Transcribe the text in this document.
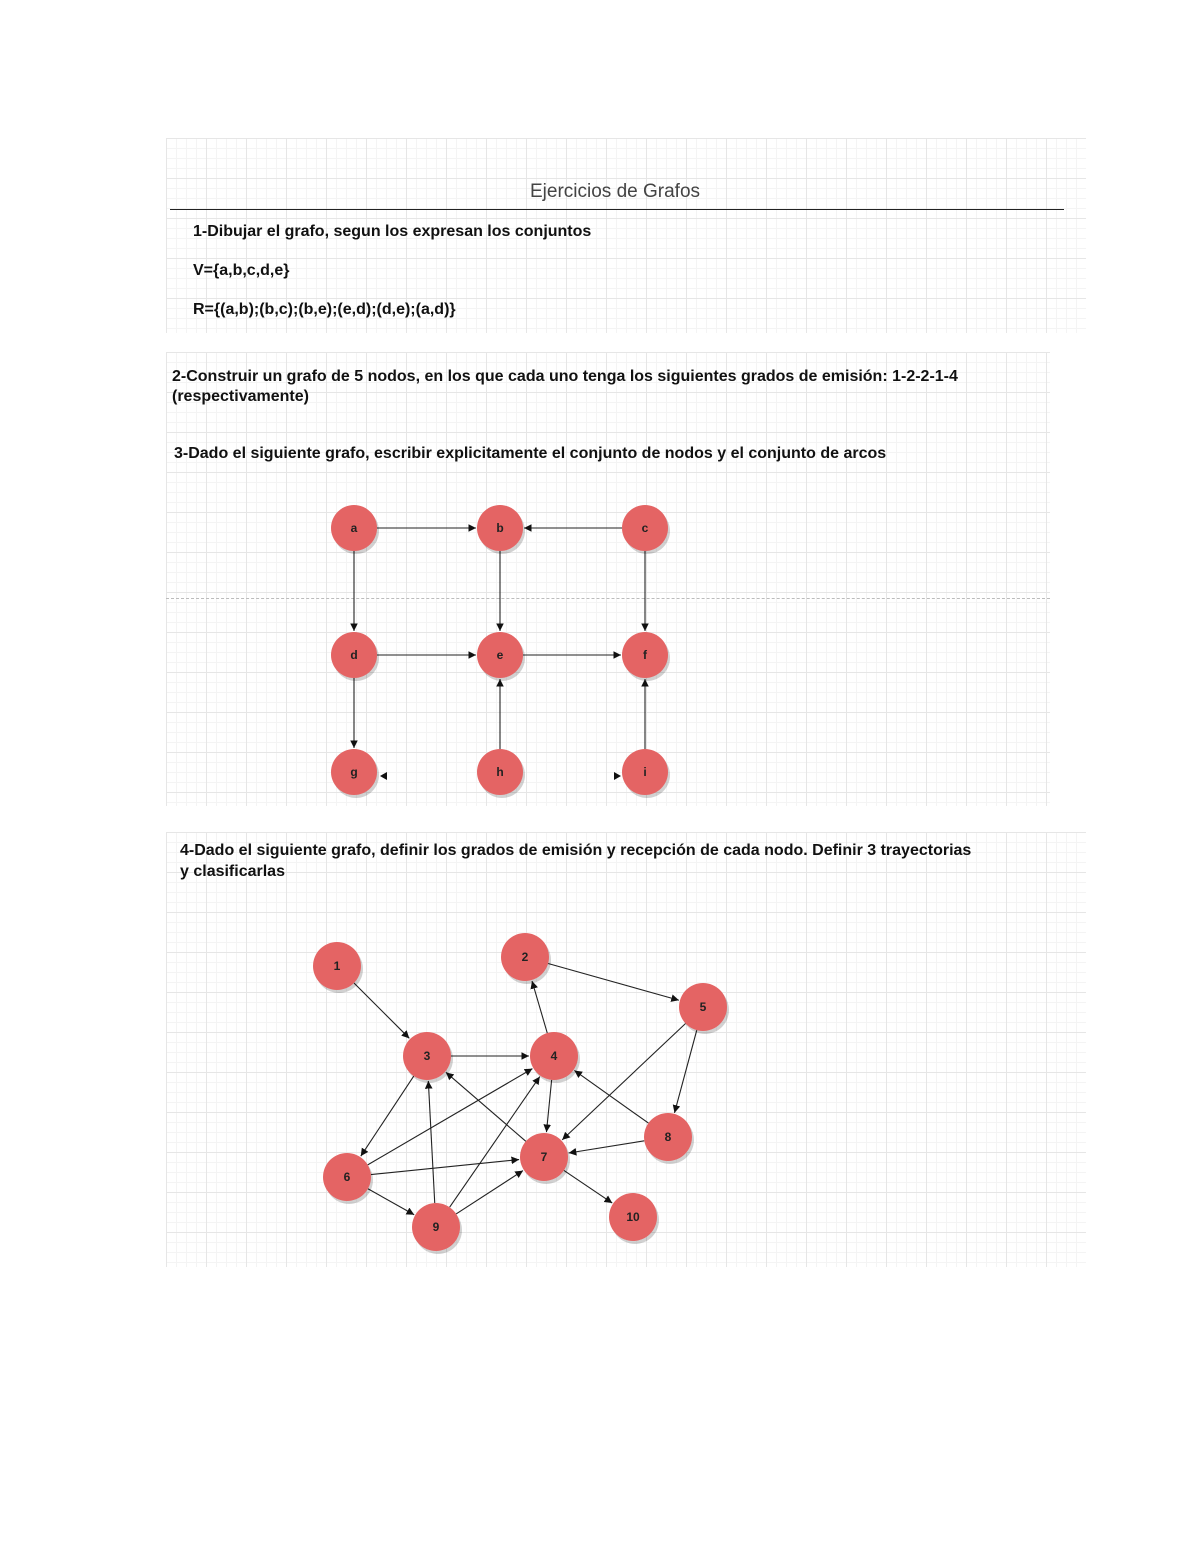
Ejercicios de Grafos
1-Dibujar el grafo, segun los expresan los conjuntos
V={a,b,c,d,e}
R={(a,b);(b,c);(b,e);(e,d);(d,e);(a,d)}
2-Construir un grafo de 5 nodos, en los que cada uno tenga los siguientes grados de emisión: 1-2-2-1-4
(respectivamente)
3-Dado el siguiente grafo, escribir explicitamente el conjunto de nodos y el conjunto de arcos
a	b	c
d	e	f
g	h	i
4-Dado el siguiente grafo, definir los grados de emisión y recepción de cada nodo. Definir 3 trayectorias
y clasificarlas
1
2
3	4
5
6
7
8
9
10
